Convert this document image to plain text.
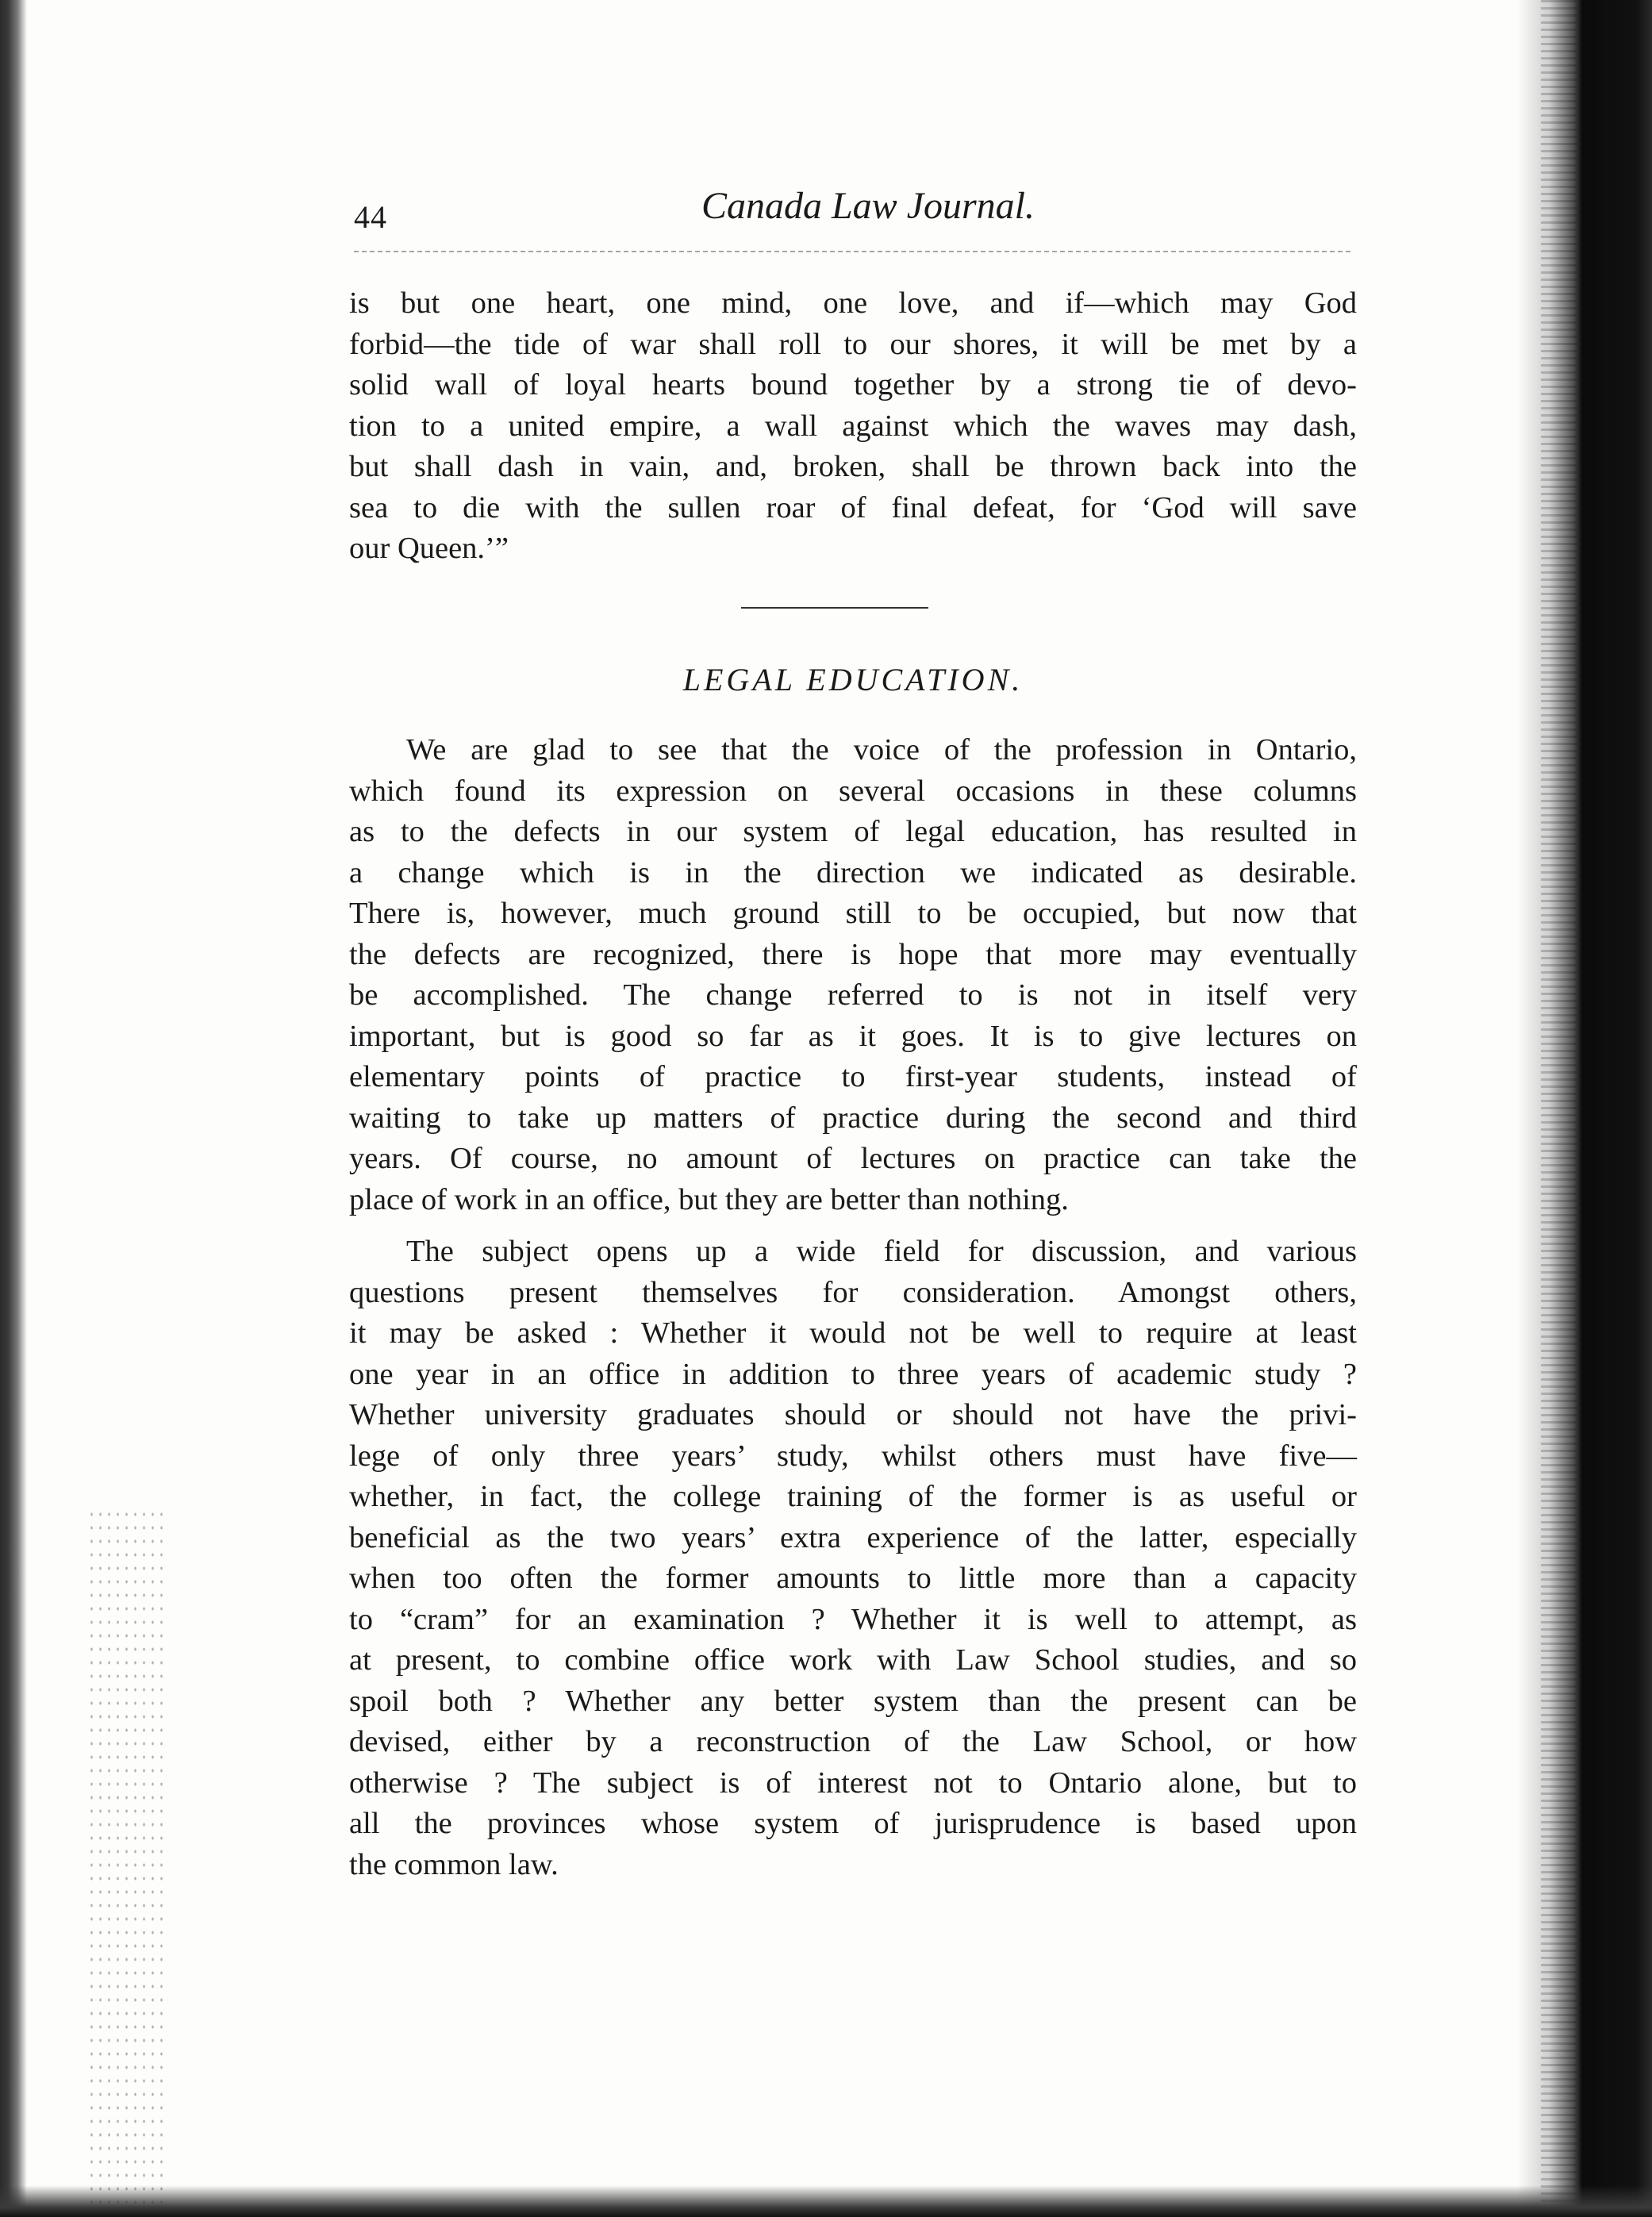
44	Canada Law Journal.
is but one heart, one mind, one love, and if—which may God
forbid—the tide of war shall roll to our shores, it will be met by a
solid wall of loyal hearts bound together by a strong tie of devo-
tion to a united empire, a wall against which the waves may dash,
but shall dash in vain, and, broken, shall be thrown back into the
sea to die with the sullen roar of final defeat, for ‘God will save
our Queen.’”
LEGAL EDUCATION.
We are glad to see that the voice of the profession in Ontario,
which found its expression on several occasions in these columns
as to the defects in our system of legal education, has resulted in
a change which is in the direction we indicated as desirable.
There is, however, much ground still to be occupied, but now that
the defects are recognized, there is hope that more may eventually
be accomplished. The change referred to is not in itself very
important, but is good so far as it goes. It is to give lectures on
elementary points of practice to first-year students, instead of
waiting to take up matters of practice during the second and third
years. Of course, no amount of lectures on practice can take the
place of work in an office, but they are better than nothing.
The subject opens up a wide field for discussion, and various
questions present themselves for consideration. Amongst others,
it may be asked : Whether it would not be well to require at least
one year in an office in addition to three years of academic study ?
Whether university graduates should or should not have the privi-
lege of only three years’ study, whilst others must have five—
whether, in fact, the college training of the former is as useful or
beneficial as the two years’ extra experience of the latter, especially
when too often the former amounts to little more than a capacity
to “cram” for an examination ? Whether it is well to attempt, as
at present, to combine office work with Law School studies, and so
spoil both ? Whether any better system than the present can be
devised, either by a reconstruction of the Law School, or how
otherwise ? The subject is of interest not to Ontario alone, but to
all the provinces whose system of jurisprudence is based upon
the common law.
